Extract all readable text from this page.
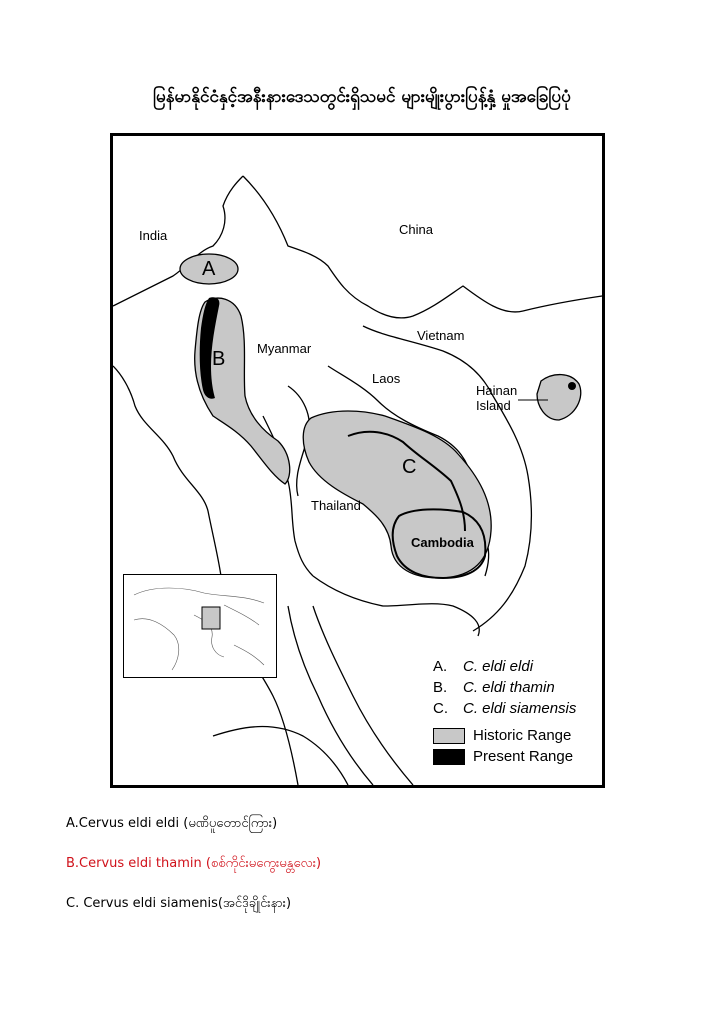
မြန်မာနိုင်ငံနှင့်အနီးနားဒေသတွင်းရှိသမင် များမျိုးပွားပြန့်နှံ့ မှုအခြေပြပုံ
India	China
Myanmar
Vietnam
Laos
Thailand
Cambodia
Hainan
Island
A
B
C
A.	C. eldi eldi
B.	C. eldi thamin
C.	C. eldi siamensis
Historic Range
Present Range
A.Cervus eldi eldi (မဏိပူတောင်ကြား)
B.Cervus eldi thamin (စစ်ကိုင်းမကွေးမန္တလေး)
C. Cervus eldi siamenis(အင်ဒိုချိုင်းနား)
